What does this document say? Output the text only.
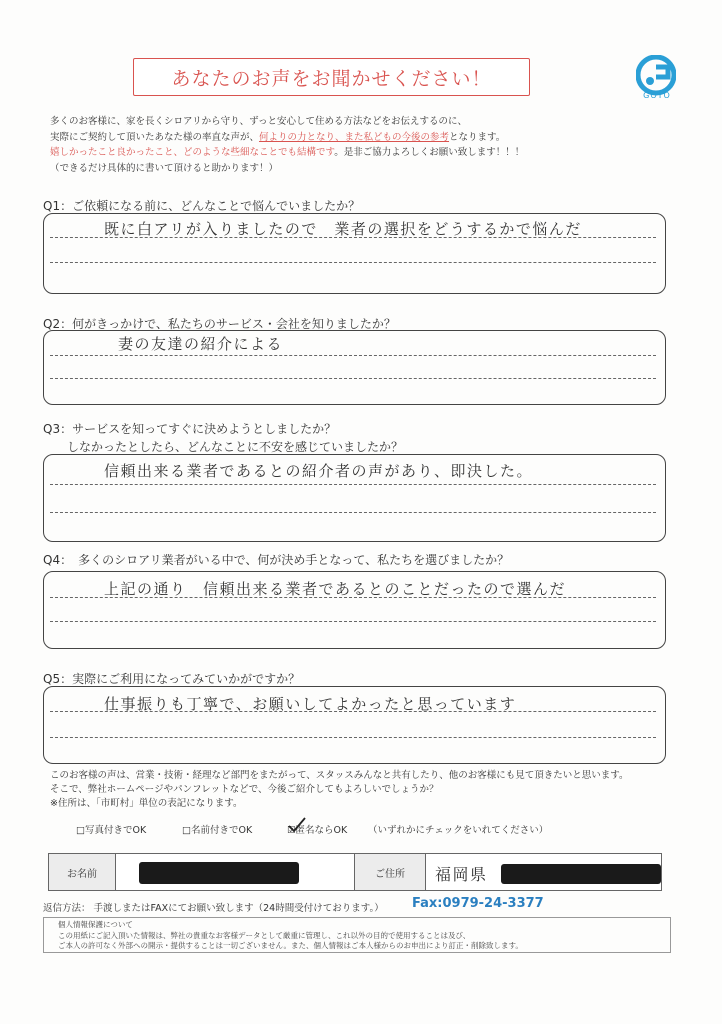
あなたのお声をお聞かせください！
GOTO
多くのお客様に、家を長くシロアリから守り、ずっと安心して住める方法などをお伝えするのに、
実際にご契約して頂いたあなた様の率直な声が、何よりの力となり、また私どもの今後の参考となります。
嬉しかったこと良かったこと、どのような些細なことでも結構です。是非ご協力よろしくお願い致します！！！
（できるだけ具体的に書いて頂けると助かります！）
Q1：ご依頼になる前に、どんなことで悩んでいましたか？
既に白アリが入りましたので　業者の選択をどうするかで悩んだ
Q2：何がきっかけで、私たちのサービス・会社を知りましたか？
妻の友達の紹介による
Q3：サービスを知ってすぐに決めようとしましたか？
しなかったとしたら、どんなことに不安を感じていましたか？
信頼出来る業者であるとの紹介者の声があり、即決した。
Q4：　多くのシロアリ業者がいる中で、何が決め手となって、私たちを選びましたか？
上記の通り　信頼出来る業者であるとのことだったので選んだ
Q5：実際にご利用になってみていかがですか？
仕事振りも丁寧で、お願いしてよかったと思っています
このお客様の声は、営業・技術・経理など部門をまたがって、スタッスみんなと共有したり、他のお客様にも見て頂きたいと思います。
そこで、弊社ホームページやパンフレットなどで、今後ご紹介してもよろしいでしょうか？
※住所は、「市町村」単位の表記になります。
□写真付きでOK	□名前付きでOK	☑匿名ならOK （いずれかにチェックをいれてください）
お名前	ご住所	福岡県
返信方法： 手渡しまたはFAXにてお願い致します（24時間受付けております。） Fax:0979-24-3377
個人情報保護について
この用紙にご記入頂いた情報は、弊社の貴重なお客様データとして厳重に管理し、これ以外の目的で使用することは及び、
ご本人の許可なく外部への開示・提供することは一切ございません。また、個人情報はご本人様からのお申出により訂正・削除致します。
